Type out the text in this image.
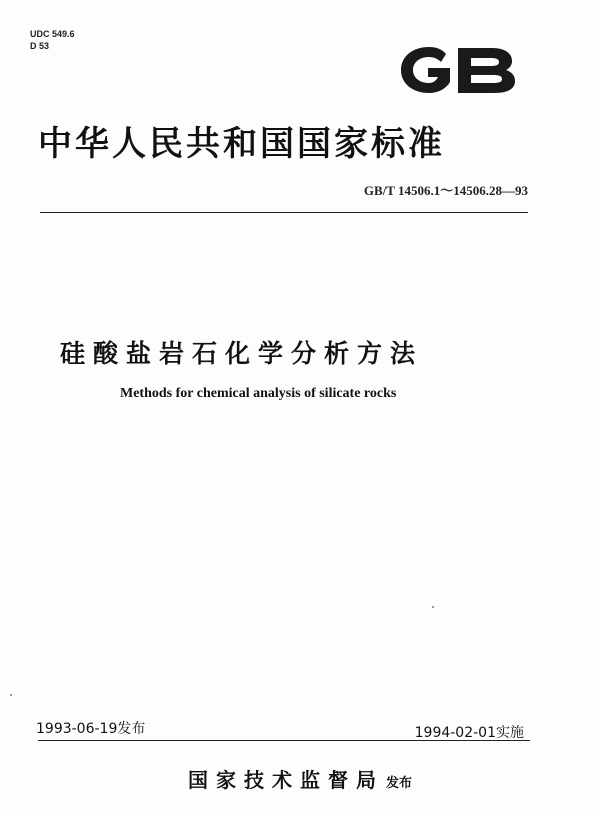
UDC 549.6
D 53
中华人民共和国国家标准
GB/T 14506.1～14506.28—93
硅酸盐岩石化学分析方法
Methods for chemical analysis of silicate rocks
1993-06-19发布	1994-02-01实施
国家技术监督局 发布
